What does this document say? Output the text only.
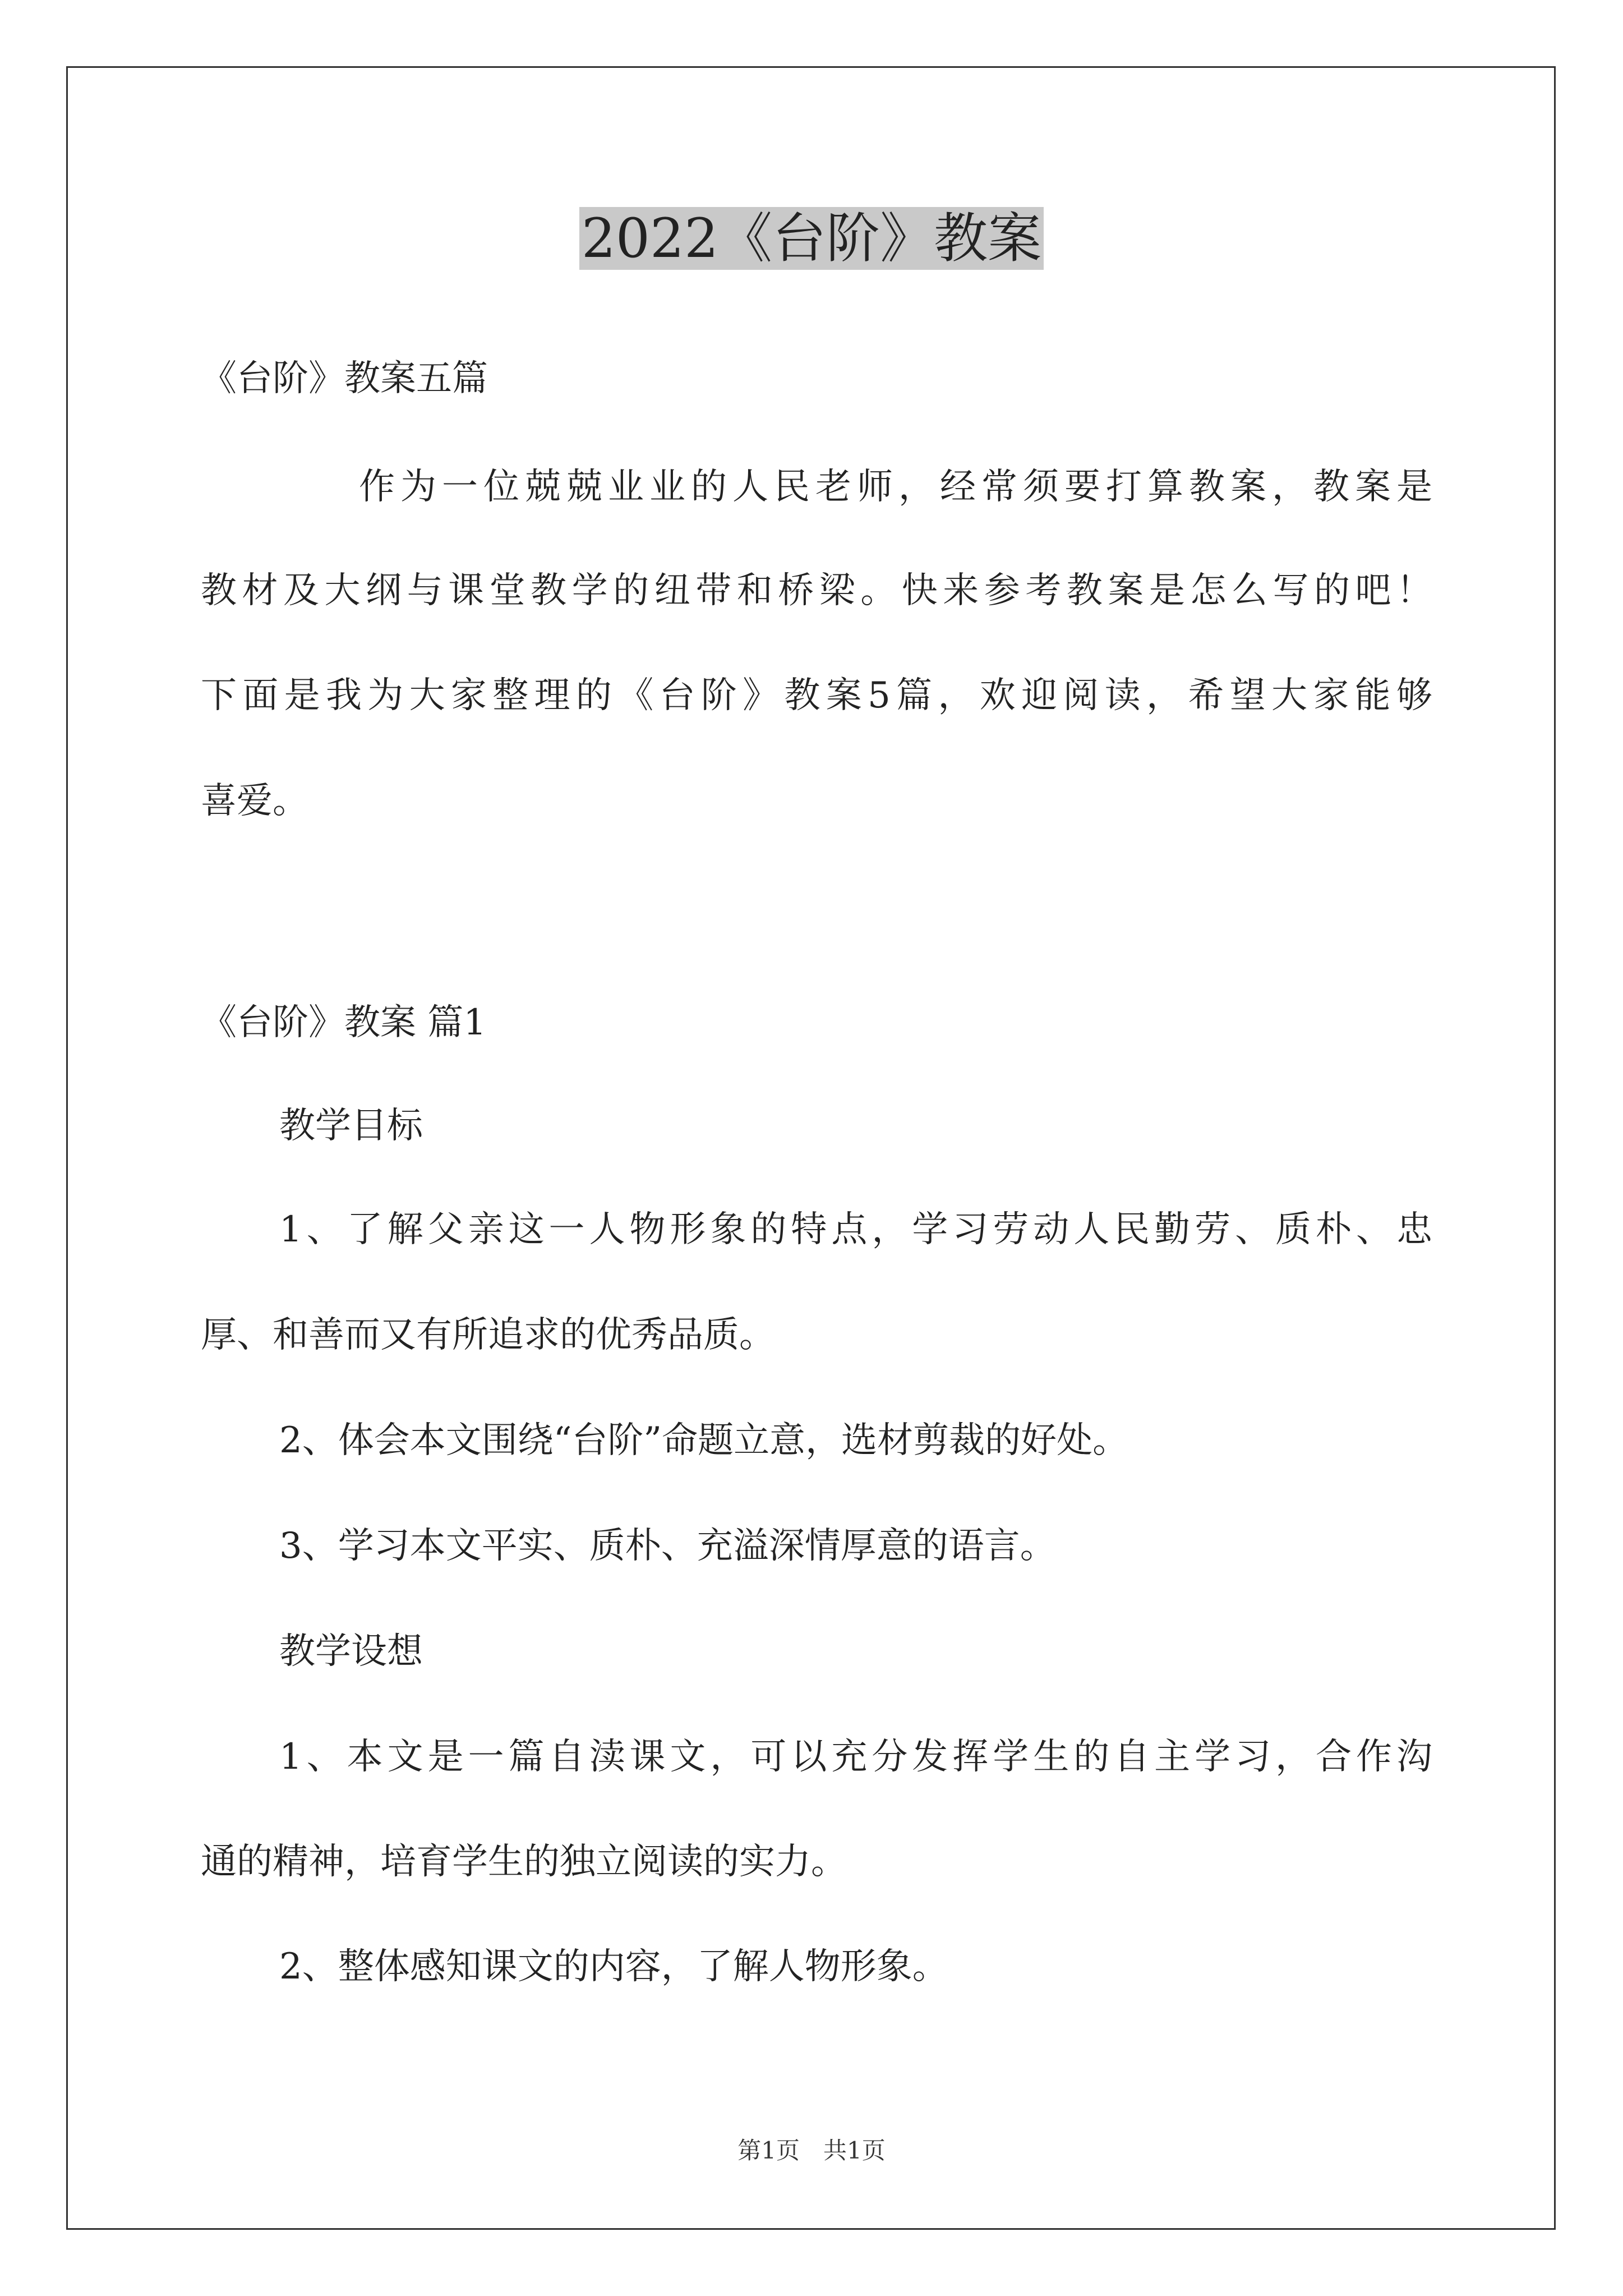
2022《台阶》教案
《台阶》教案五篇
作为一位兢兢业业的人民老师，经常须要打算教案，教案是
教材及大纲与课堂教学的纽带和桥梁。快来参考教案是怎么写的吧！
下面是我为大家整理的《台阶》教案5篇，欢迎阅读，希望大家能够
喜爱。
《台阶》教案 篇1
教学目标
1、了解父亲这一人物形象的特点，学习劳动人民勤劳、质朴、忠
厚、和善而又有所追求的优秀品质。
2、体会本文围绕“台阶”命题立意，选材剪裁的好处。
3、学习本文平实、质朴、充溢深情厚意的语言。
教学设想
1、本文是一篇自渎课文，可以充分发挥学生的自主学习，合作沟
通的精神，培育学生的独立阅读的实力。
2、整体感知课文的内容，了解人物形象。
第1页　共1页
